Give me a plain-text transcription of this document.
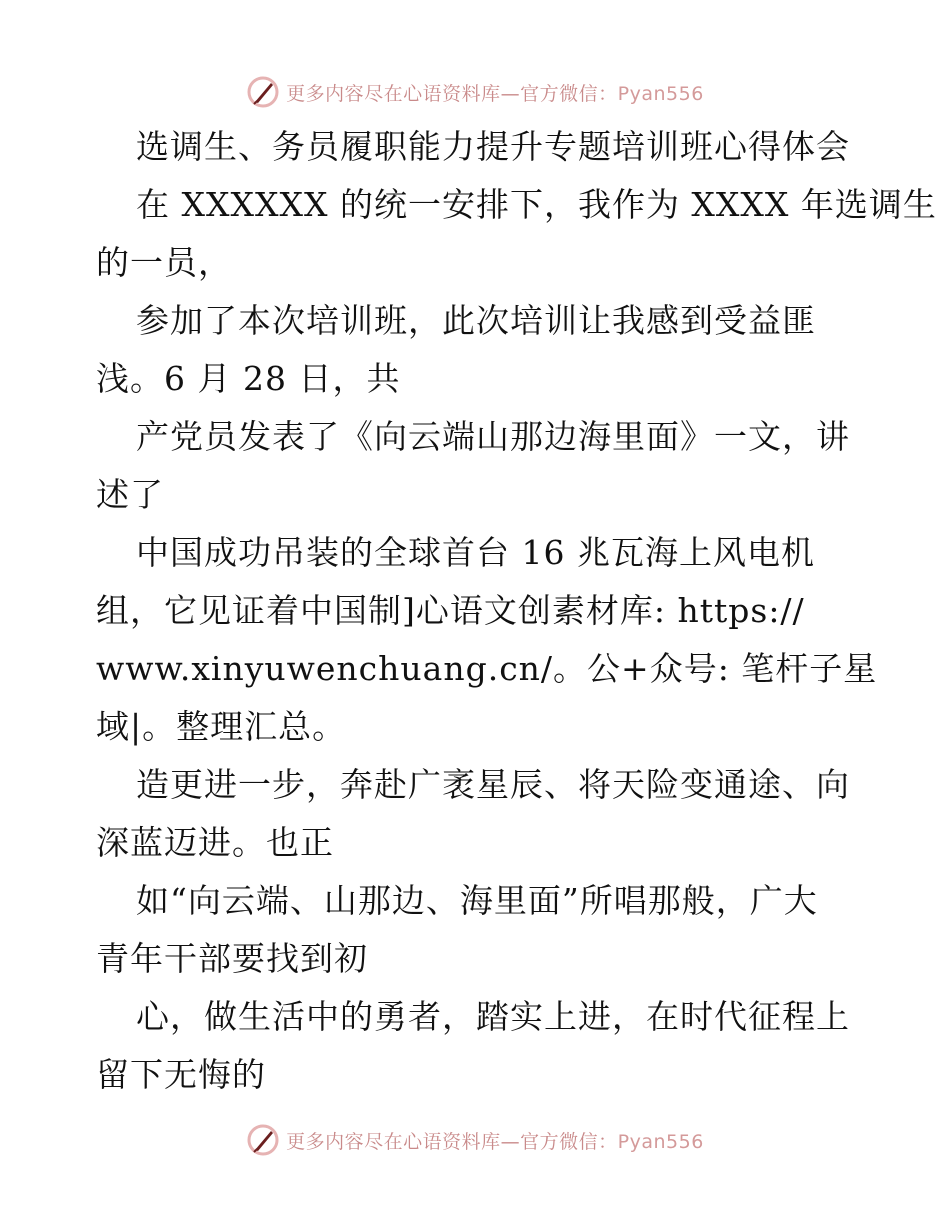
更多内容尽在心语资料库—官方微信：Pyan556
选调生、务员履职能力提升专题培训班心得体会
在 XXXXXX 的统一安排下，我作为 XXXX 年选调生
的一员，
参加了本次培训班，此次培训让我感到受益匪
浅。6 月 28 日，共
产党员发表了《向云端山那边海里面》一文，讲
述了
中国成功吊装的全球首台 16 兆瓦海上风电机
组，它见证着中国制]心语文创素材库: https://
www.xinyuwenchuang.cn/。公+众号: 笔杆子星
域|。整理汇总。
造更进一步，奔赴广袤星辰、将天险变通途、向
深蓝迈进。也正
如“向云端、山那边、海里面”所唱那般，广大
青年干部要找到初
心，做生活中的勇者，踏实上进，在时代征程上
留下无悔的
更多内容尽在心语资料库—官方微信：Pyan556
